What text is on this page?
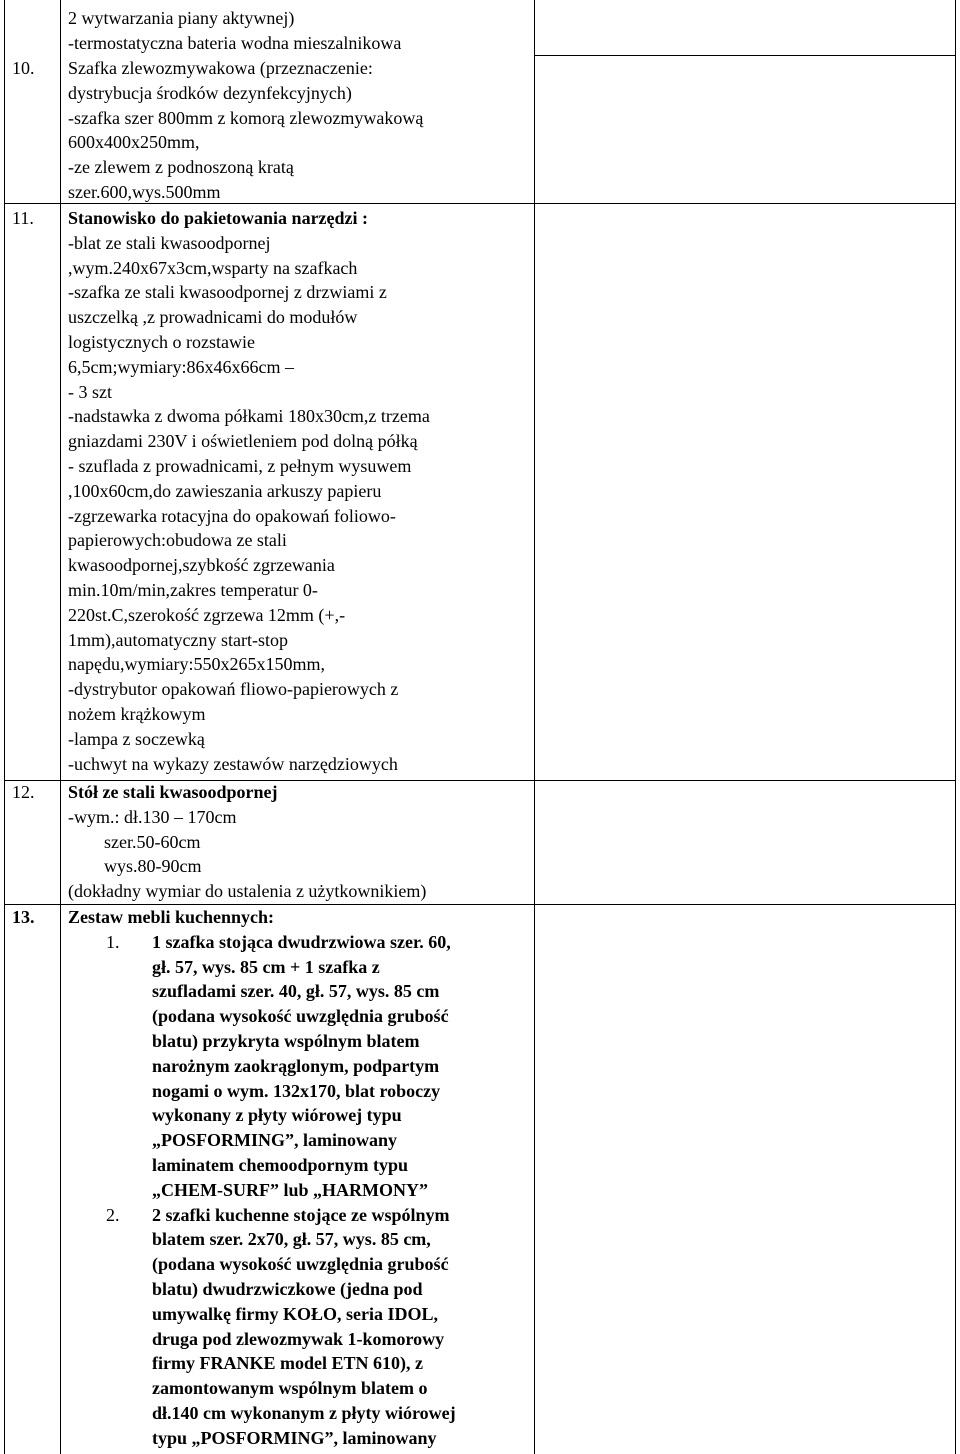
2 wytwarzania piany aktywnej)
-termostatyczna bateria wodna mieszalnikowa
10. Szafka zlewozmywakowa (przeznaczenie:
dystrybucja środków dezynfekcyjnych)
-szafka szer 800mm z komorą zlewozmywakową
600x400x250mm,
-ze zlewem z podnoszoną kratą
szer.600,wys.500mm
11. Stanowisko do pakietowania narzędzi :
-blat ze stali kwasoodpornej
,wym.240x67x3cm,wsparty na szafkach
-szafka ze stali kwasoodpornej z drzwiami z
uszczelką ,z prowadnicami do modułów
logistycznych o rozstawie
6,5cm;wymiary:86x46x66cm –
- 3 szt
-nadstawka z dwoma półkami 180x30cm,z trzema
gniazdami 230V i oświetleniem pod dolną półką
- szuflada z prowadnicami, z pełnym wysuwem
,100x60cm,do zawieszania arkuszy papieru
-zgrzewarka rotacyjna do opakowań foliowo-
papierowych:obudowa ze stali
kwasoodpornej,szybkość zgrzewania
min.10m/min,zakres temperatur 0-
220st.C,szerokość zgrzewa 12mm (+,-
1mm),automatyczny start-stop
napędu,wymiary:550x265x150mm,
-dystrybutor opakowań fliowo-papierowych z
nożem krążkowym
-lampa z soczewką
-uchwyt na wykazy zestawów narzędziowych
12. Stół ze stali kwasoodpornej
-wym.: dł.130 – 170cm
szer.50-60cm
wys.80-90cm
(dokładny wymiar do ustalenia z użytkownikiem)
13. Zestaw mebli kuchennych:
1. 1 szafka stojąca dwudrzwiowa szer. 60,
gł. 57, wys. 85 cm + 1 szafka z
szufladami szer. 40, gł. 57, wys. 85 cm
(podana wysokość uwzględnia grubość
blatu) przykryta wspólnym blatem
narożnym zaokrąglonym, podpartym
nogami o wym. 132x170, blat roboczy
wykonany z płyty wiórowej typu
„POSFORMING”, laminowany
laminatem chemoodpornym typu
„CHEM-SURF” lub „HARMONY”
2. 2 szafki kuchenne stojące ze wspólnym
blatem szer. 2x70, gł. 57, wys. 85 cm,
(podana wysokość uwzględnia grubość
blatu) dwudrzwiczkowe (jedna pod
umywalkę firmy KOŁO, seria IDOL,
druga pod zlewozmywak 1-komorowy
firmy FRANKE model ETN 610), z
zamontowanym wspólnym blatem o
dł.140 cm wykonanym z płyty wiórowej
typu „POSFORMING”, laminowany
